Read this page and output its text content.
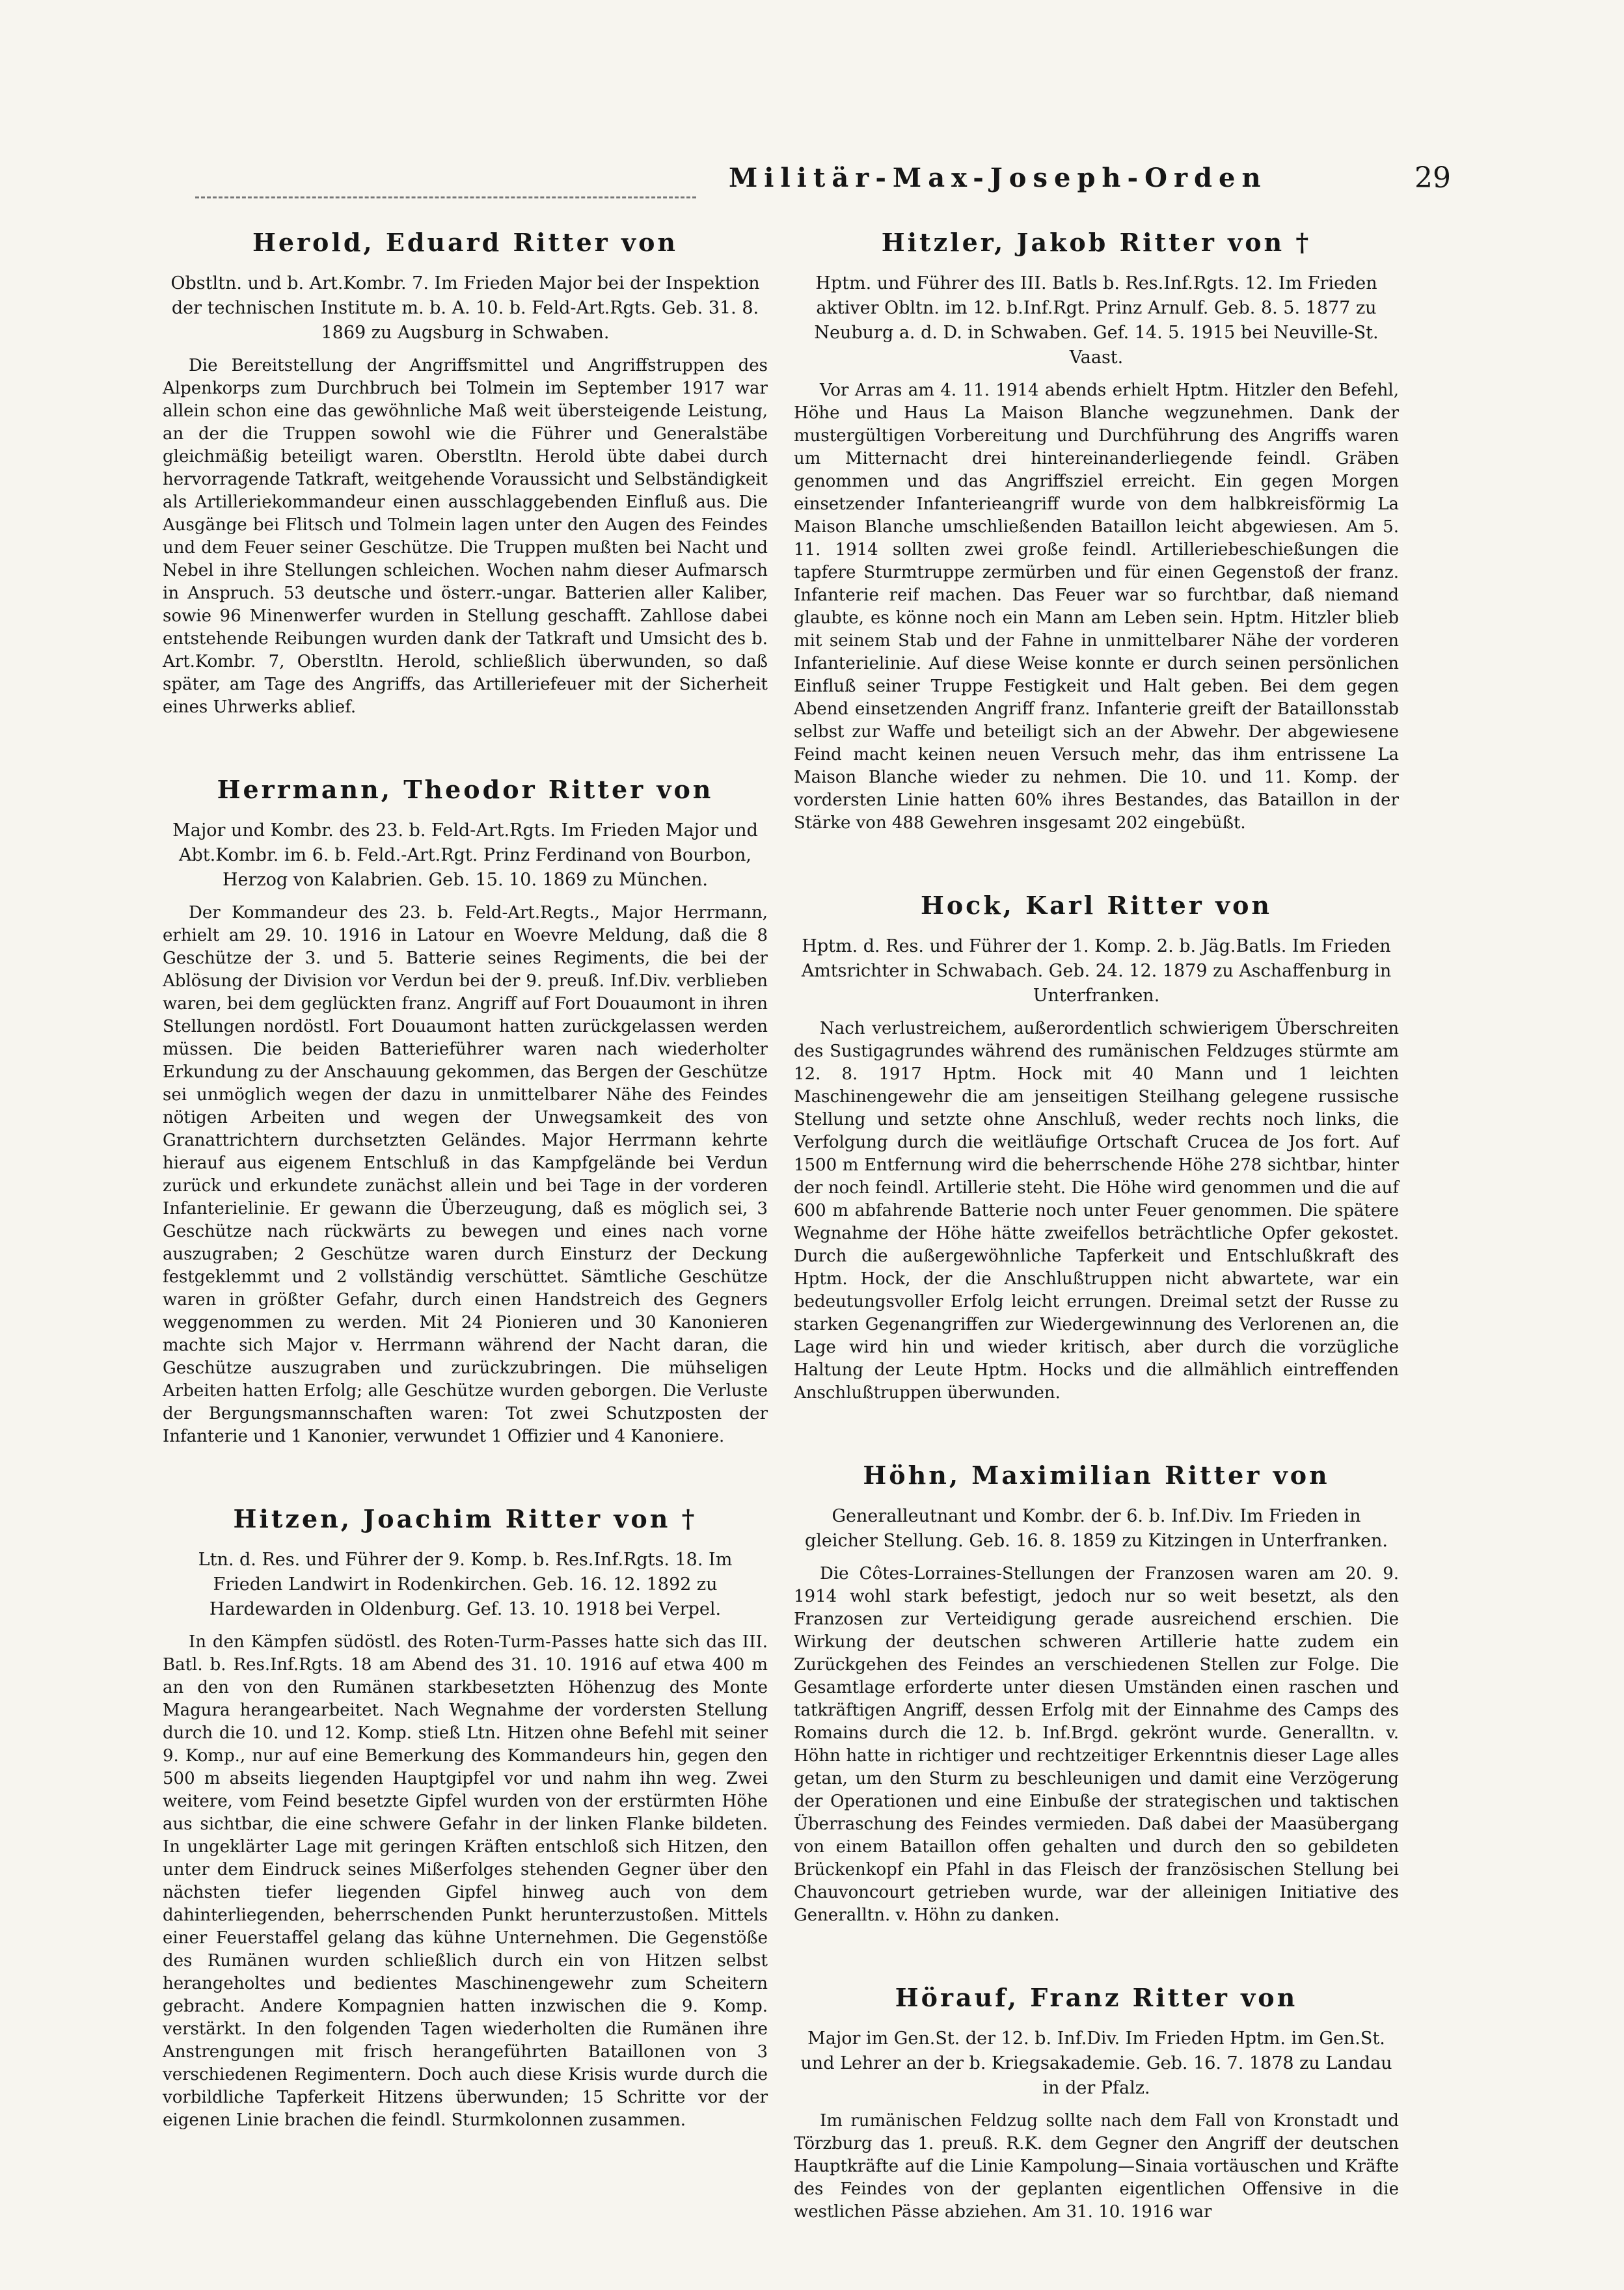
Militär-Max-Joseph-Orden	29
Herold, Eduard Ritter von
Obstltn. und b. Art.Kombr. 7. Im Frieden Major bei der Inspektion der technischen Institute m. b. A. 10. b. Feld-Art.Rgts. Geb. 31. 8. 1869 zu Augsburg in Schwaben.

Die Bereitstellung der Angriffsmittel und Angriffstruppen des Alpenkorps zum Durchbruch bei Tolmein im September 1917 war allein schon eine das gewöhnliche Maß weit übersteigende Leistung, an der die Truppen sowohl wie die Führer und Generalstäbe gleichmäßig beteiligt waren. Oberstltn. Herold übte dabei durch hervorragende Tatkraft, weitgehende Voraussicht und Selbständigkeit als Artilleriekommandeur einen ausschlaggebenden Einfluß aus. Die Ausgänge bei Flitsch und Tolmein lagen unter den Augen des Feindes und dem Feuer seiner Geschütze. Die Truppen mußten bei Nacht und Nebel in ihre Stellungen schleichen. Wochen nahm dieser Aufmarsch in Anspruch. 53 deutsche und österr.-ungar. Batterien aller Kaliber, sowie 96 Minenwerfer wurden in Stellung geschafft. Zahllose dabei entstehende Reibungen wurden dank der Tatkraft und Umsicht des b. Art.Kombr. 7, Oberstltn. Herold, schließlich überwunden, so daß später, am Tage des Angriffs, das Artilleriefeuer mit der Sicherheit eines Uhrwerks ablief.

Herrmann, Theodor Ritter von
Major und Kombr. des 23. b. Feld-Art.Rgts. Im Frieden Major und Abt.Kombr. im 6. b. Feld.-Art.Rgt. Prinz Ferdinand von Bourbon, Herzog von Kalabrien. Geb. 15. 10. 1869 zu München.

Der Kommandeur des 23. b. Feld-Art.Regts., Major Herrmann, erhielt am 29. 10. 1916 in Latour en Woevre Meldung, daß die 8 Geschütze der 3. und 5. Batterie seines Regiments, die bei der Ablösung der Division vor Verdun bei der 9. preuß. Inf.Div. verblieben waren, bei dem geglückten franz. Angriff auf Fort Douaumont in ihren Stellungen nordöstl. Fort Douaumont hatten zurückgelassen werden müssen. Die beiden Batterieführer waren nach wiederholter Erkundung zu der Anschauung gekommen, das Bergen der Geschütze sei unmöglich wegen der dazu in unmittelbarer Nähe des Feindes nötigen Arbeiten und wegen der Unwegsamkeit des von Granattrichtern durchsetzten Geländes. Major Herrmann kehrte hierauf aus eigenem Entschluß in das Kampfgelände bei Verdun zurück und erkundete zunächst allein und bei Tage in der vorderen Infanterielinie. Er gewann die Überzeugung, daß es möglich sei, 3 Geschütze nach rückwärts zu bewegen und eines nach vorne auszugraben; 2 Geschütze waren durch Einsturz der Deckung festgeklemmt und 2 vollständig verschüttet. Sämtliche Geschütze waren in größter Gefahr, durch einen Handstreich des Gegners weggenommen zu werden. Mit 24 Pionieren und 30 Kanonieren machte sich Major v. Herrmann während der Nacht daran, die Geschütze auszugraben und zurückzubringen. Die mühseligen Arbeiten hatten Erfolg; alle Geschütze wurden geborgen. Die Verluste der Bergungsmannschaften waren: Tot zwei Schutzposten der Infanterie und 1 Kanonier, verwundet 1 Offizier und 4 Kanoniere.

Hitzen, Joachim Ritter von †
Ltn. d. Res. und Führer der 9. Komp. b. Res.Inf.Rgts. 18. Im Frieden Landwirt in Rodenkirchen. Geb. 16. 12. 1892 zu Hardewarden in Oldenburg. Gef. 13. 10. 1918 bei Verpel.

In den Kämpfen südöstl. des Roten-Turm-Passes hatte sich das III. Batl. b. Res.Inf.Rgts. 18 am Abend des 31. 10. 1916 auf etwa 400 m an den von den Rumänen starkbesetzten Höhenzug des Monte Magura herangearbeitet. Nach Wegnahme der vordersten Stellung durch die 10. und 12. Komp. stieß Ltn. Hitzen ohne Befehl mit seiner 9. Komp., nur auf eine Bemerkung des Kommandeurs hin, gegen den 500 m abseits liegenden Hauptgipfel vor und nahm ihn weg. Zwei weitere, vom Feind besetzte Gipfel wurden von der erstürmten Höhe aus sichtbar, die eine schwere Gefahr in der linken Flanke bildeten. In ungeklärter Lage mit geringen Kräften entschloß sich Hitzen, den unter dem Eindruck seines Mißerfolges stehenden Gegner über den nächsten tiefer liegenden Gipfel hinweg auch von dem dahinterliegenden, beherrschenden Punkt herunterzustoßen. Mittels einer Feuerstaffel gelang das kühne Unternehmen. Die Gegenstöße des Rumänen wurden schließlich durch ein von Hitzen selbst herangeholtes und bedientes Maschinengewehr zum Scheitern gebracht. Andere Kompagnien hatten inzwischen die 9. Komp. verstärkt. In den folgenden Tagen wiederholten die Rumänen ihre Anstrengungen mit frisch herangeführten Bataillonen von 3 verschiedenen Regimentern. Doch auch diese Krisis wurde durch die vorbildliche Tapferkeit Hitzens überwunden; 15 Schritte vor der eigenen Linie brachen die feindl. Sturmkolonnen zusammen.

Hitzler, Jakob Ritter von †
Hptm. und Führer des III. Batls b. Res.Inf.Rgts. 12. Im Frieden aktiver Obltn. im 12. b.Inf.Rgt. Prinz Arnulf. Geb. 8. 5. 1877 zu Neuburg a. d. D. in Schwaben. Gef. 14. 5. 1915 bei Neuville-St. Vaast.

Vor Arras am 4. 11. 1914 abends erhielt Hptm. Hitzler den Befehl, Höhe und Haus La Maison Blanche wegzunehmen. Dank der mustergültigen Vorbereitung und Durchführung des Angriffs waren um Mitternacht drei hintereinanderliegende feindl. Gräben genommen und das Angriffsziel erreicht. Ein gegen Morgen einsetzender Infanterieangriff wurde von dem halbkreisförmig La Maison Blanche umschließenden Bataillon leicht abgewiesen. Am 5. 11. 1914 sollten zwei große feindl. Artilleriebeschießungen die tapfere Sturmtruppe zermürben und für einen Gegenstoß der franz. Infanterie reif machen. Das Feuer war so furchtbar, daß niemand glaubte, es könne noch ein Mann am Leben sein. Hptm. Hitzler blieb mit seinem Stab und der Fahne in unmittelbarer Nähe der vorderen Infanterielinie. Auf diese Weise konnte er durch seinen persönlichen Einfluß seiner Truppe Festigkeit und Halt geben. Bei dem gegen Abend einsetzenden Angriff franz. Infanterie greift der Bataillonsstab selbst zur Waffe und beteiligt sich an der Abwehr. Der abgewiesene Feind macht keinen neuen Versuch mehr, das ihm entrissene La Maison Blanche wieder zu nehmen. Die 10. und 11. Komp. der vordersten Linie hatten 60% ihres Bestandes, das Bataillon in der Stärke von 488 Gewehren insgesamt 202 eingebüßt.

Hock, Karl Ritter von
Hptm. d. Res. und Führer der 1. Komp. 2. b. Jäg.Batls. Im Frieden Amtsrichter in Schwabach. Geb. 24. 12. 1879 zu Aschaffenburg in Unterfranken.

Nach verlustreichem, außerordentlich schwierigem Überschreiten des Sustigagrundes während des rumänischen Feldzuges stürmte am 12. 8. 1917 Hptm. Hock mit 40 Mann und 1 leichten Maschinengewehr die am jenseitigen Steilhang gelegene russische Stellung und setzte ohne Anschluß, weder rechts noch links, die Verfolgung durch die weitläufige Ortschaft Crucea de Jos fort. Auf 1500 m Entfernung wird die beherrschende Höhe 278 sichtbar, hinter der noch feindl. Artillerie steht. Die Höhe wird genommen und die auf 600 m abfahrende Batterie noch unter Feuer genommen. Die spätere Wegnahme der Höhe hätte zweifellos beträchtliche Opfer gekostet. Durch die außergewöhnliche Tapferkeit und Entschlußkraft des Hptm. Hock, der die Anschlußtruppen nicht abwartete, war ein bedeutungsvoller Erfolg leicht errungen. Dreimal setzt der Russe zu starken Gegenangriffen zur Wiedergewinnung des Verlorenen an, die Lage wird hin und wieder kritisch, aber durch die vorzügliche Haltung der Leute Hptm. Hocks und die allmählich eintreffenden Anschlußtruppen überwunden.

Höhn, Maximilian Ritter von
Generalleutnant und Kombr. der 6. b. Inf.Div. Im Frieden in gleicher Stellung. Geb. 16. 8. 1859 zu Kitzingen in Unterfranken.

Die Côtes-Lorraines-Stellungen der Franzosen waren am 20. 9. 1914 wohl stark befestigt, jedoch nur so weit besetzt, als den Franzosen zur Verteidigung gerade ausreichend erschien. Die Wirkung der deutschen schweren Artillerie hatte zudem ein Zurückgehen des Feindes an verschiedenen Stellen zur Folge. Die Gesamtlage erforderte unter diesen Umständen einen raschen und tatkräftigen Angriff, dessen Erfolg mit der Einnahme des Camps des Romains durch die 12. b. Inf.Brgd. gekrönt wurde. Generalltn. v. Höhn hatte in richtiger und rechtzeitiger Erkenntnis dieser Lage alles getan, um den Sturm zu beschleunigen und damit eine Verzögerung der Operationen und eine Einbuße der strategischen und taktischen Überraschung des Feindes vermieden. Daß dabei der Maasübergang von einem Bataillon offen gehalten und durch den so gebildeten Brückenkopf ein Pfahl in das Fleisch der französischen Stellung bei Chauvoncourt getrieben wurde, war der alleinigen Initiative des Generalltn. v. Höhn zu danken.

Hörauf, Franz Ritter von
Major im Gen.St. der 12. b. Inf.Div. Im Frieden Hptm. im Gen.St. und Lehrer an der b. Kriegsakademie. Geb. 16. 7. 1878 zu Landau in der Pfalz.

Im rumänischen Feldzug sollte nach dem Fall von Kronstadt und Törzburg das 1. preuß. R.K. dem Gegner den Angriff der deutschen Hauptkräfte auf die Linie Kampolung—Sinaia vortäuschen und Kräfte des Feindes von der geplanten eigentlichen Offensive in die westlichen Pässe abziehen. Am 31. 10. 1916 war
